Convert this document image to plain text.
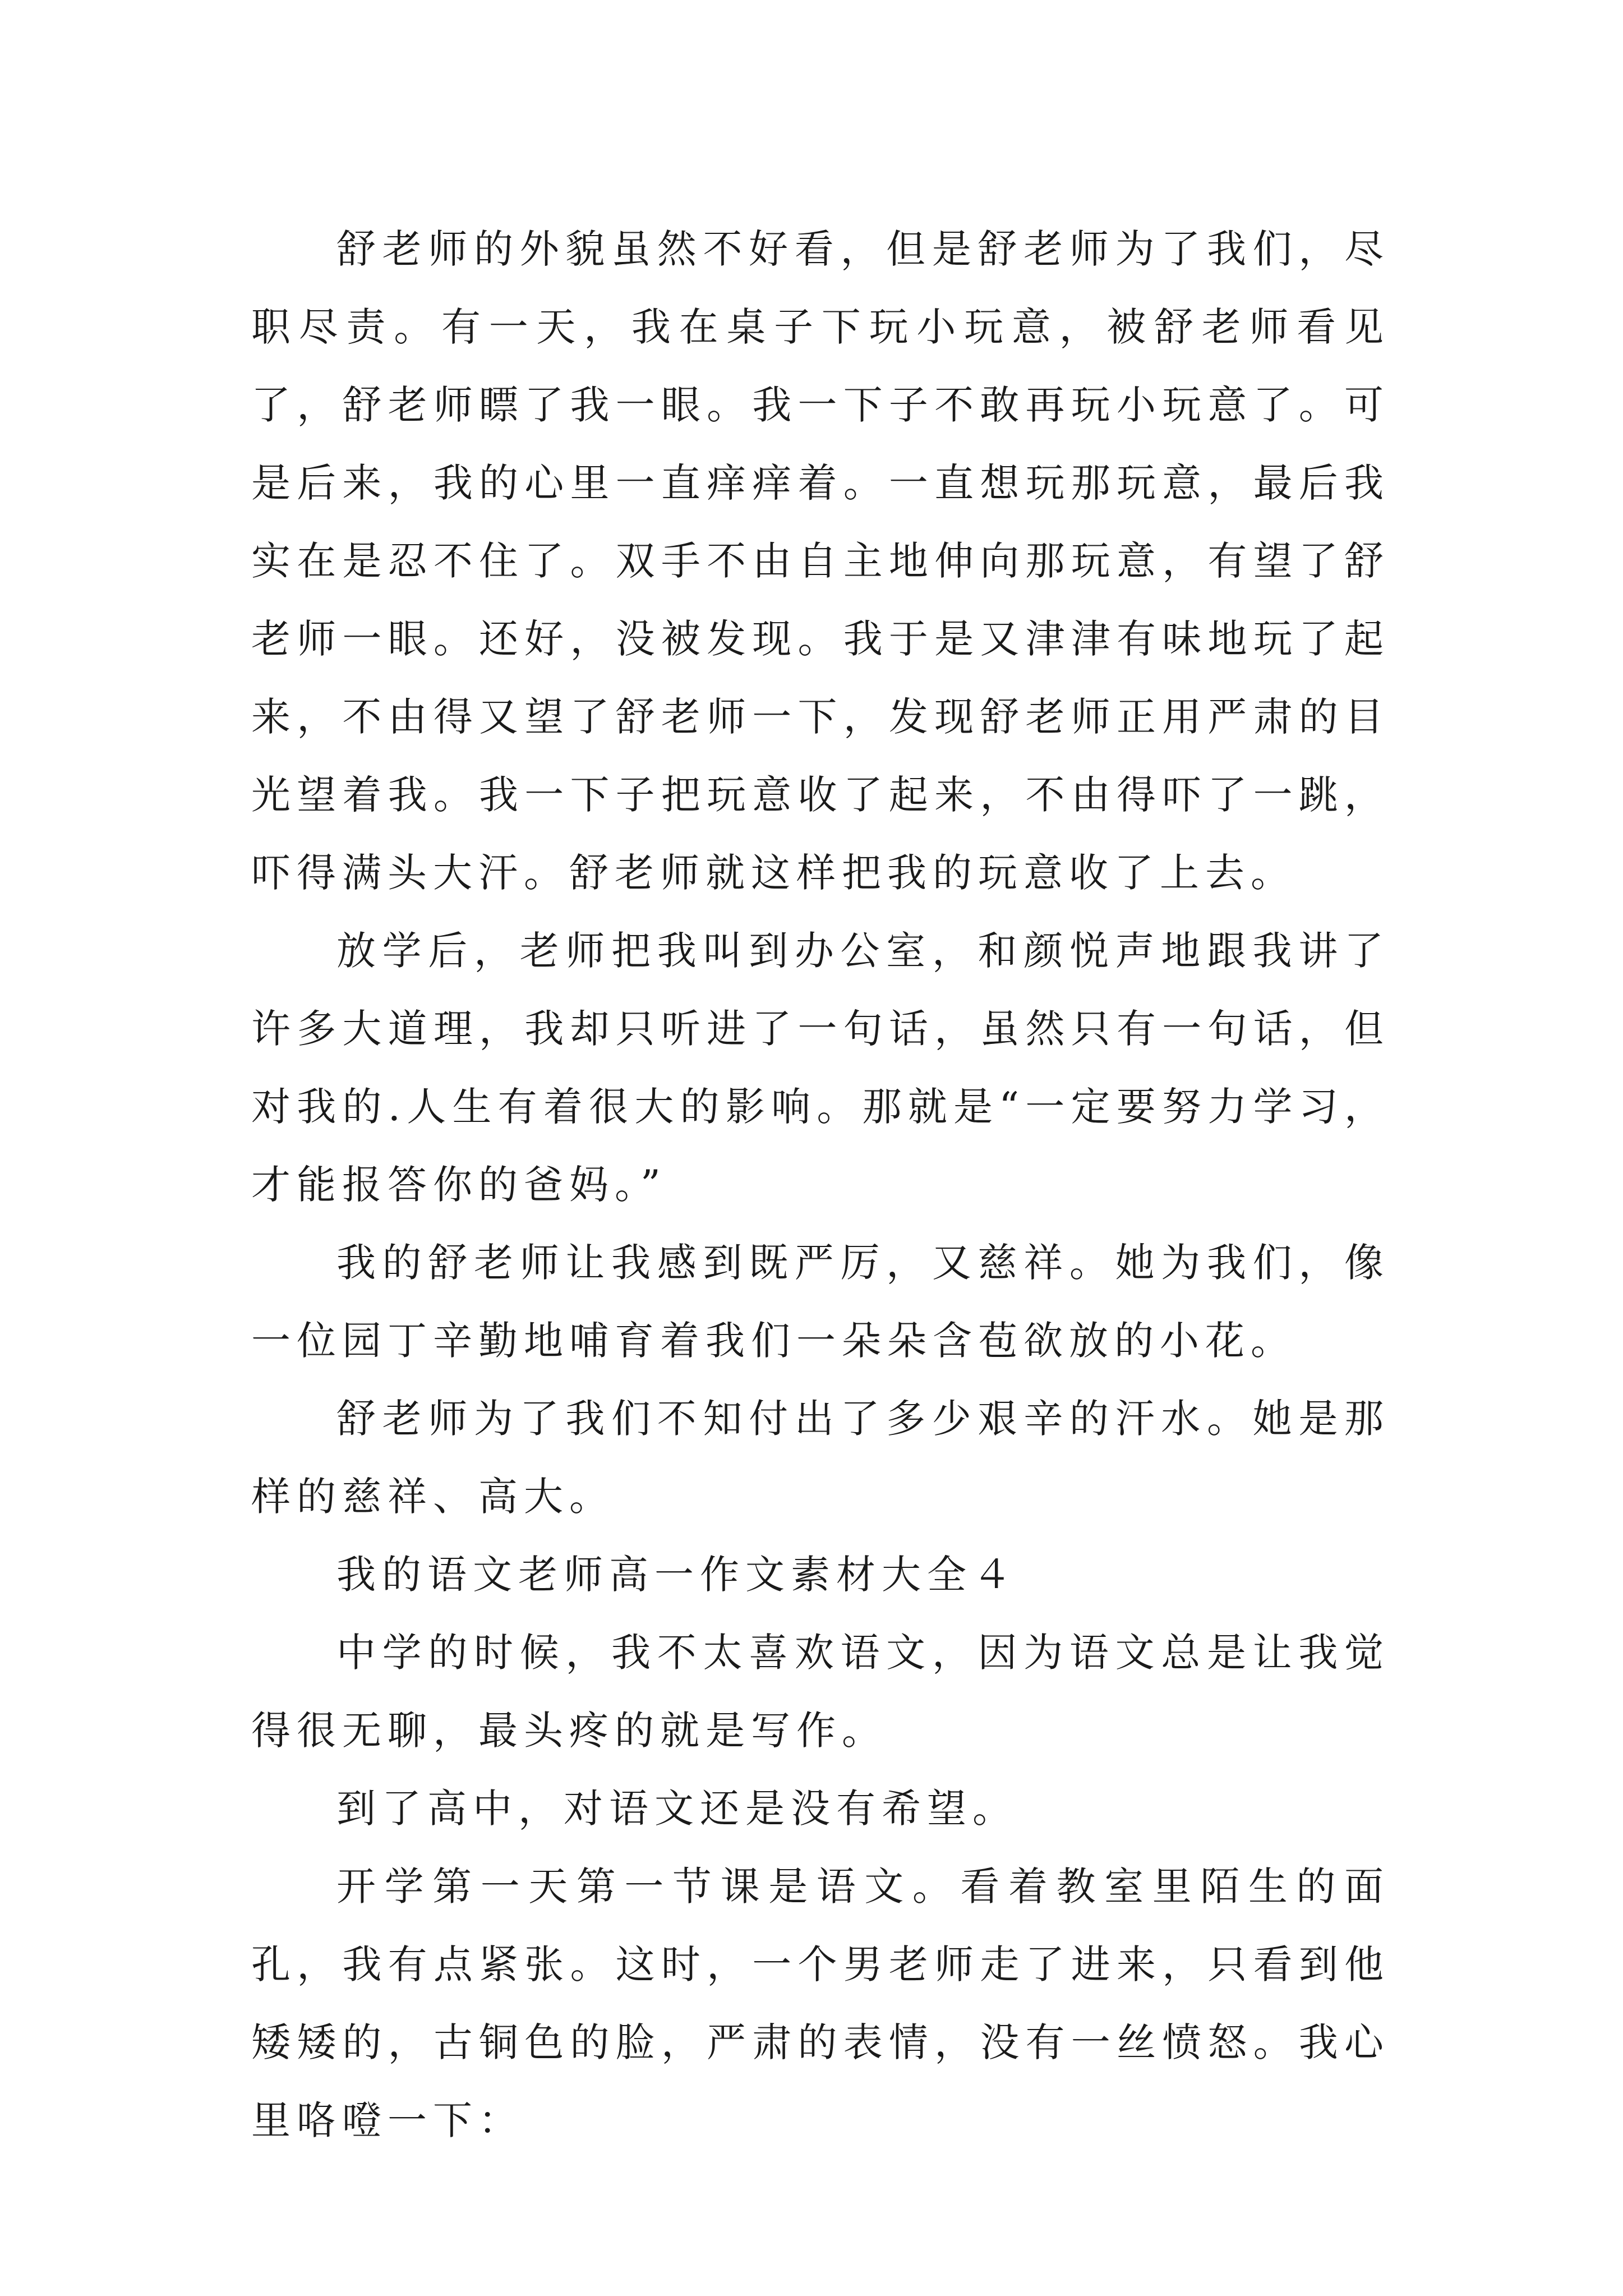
舒老师的外貌虽然不好看，但是舒老师为了我们，尽职尽责。有一天，我在桌子下玩小玩意，被舒老师看见了，舒老师瞟了我一眼。我一下子不敢再玩小玩意了。可是后来，我的心里一直痒痒着。一直想玩那玩意，最后我实在是忍不住了。双手不由自主地伸向那玩意，有望了舒老师一眼。还好，没被发现。我于是又津津有味地玩了起来，不由得又望了舒老师一下，发现舒老师正用严肃的目光望着我。我一下子把玩意收了起来，不由得吓了一跳，吓得满头大汗。舒老师就这样把我的玩意收了上去。

放学后，老师把我叫到办公室，和颜悦声地跟我讲了许多大道理，我却只听进了一句话，虽然只有一句话，但对我的.人生有着很大的影响。那就是“一定要努力学习，才能报答你的爸妈。”

我的舒老师让我感到既严厉，又慈祥。她为我们，像一位园丁辛勤地哺育着我们一朵朵含苞欲放的小花。

舒老师为了我们不知付出了多少艰辛的汗水。她是那样的慈祥、高大。

我的语文老师高一作文素材大全４

中学的时候，我不太喜欢语文，因为语文总是让我觉得很无聊，最头疼的就是写作。

到了高中，对语文还是没有希望。

开学第一天第一节课是语文。看着教室里陌生的面孔，我有点紧张。这时，一个男老师走了进来，只看到他矮矮的，古铜色的脸，严肃的表情，没有一丝愤怒。我心里咯噔一下：
